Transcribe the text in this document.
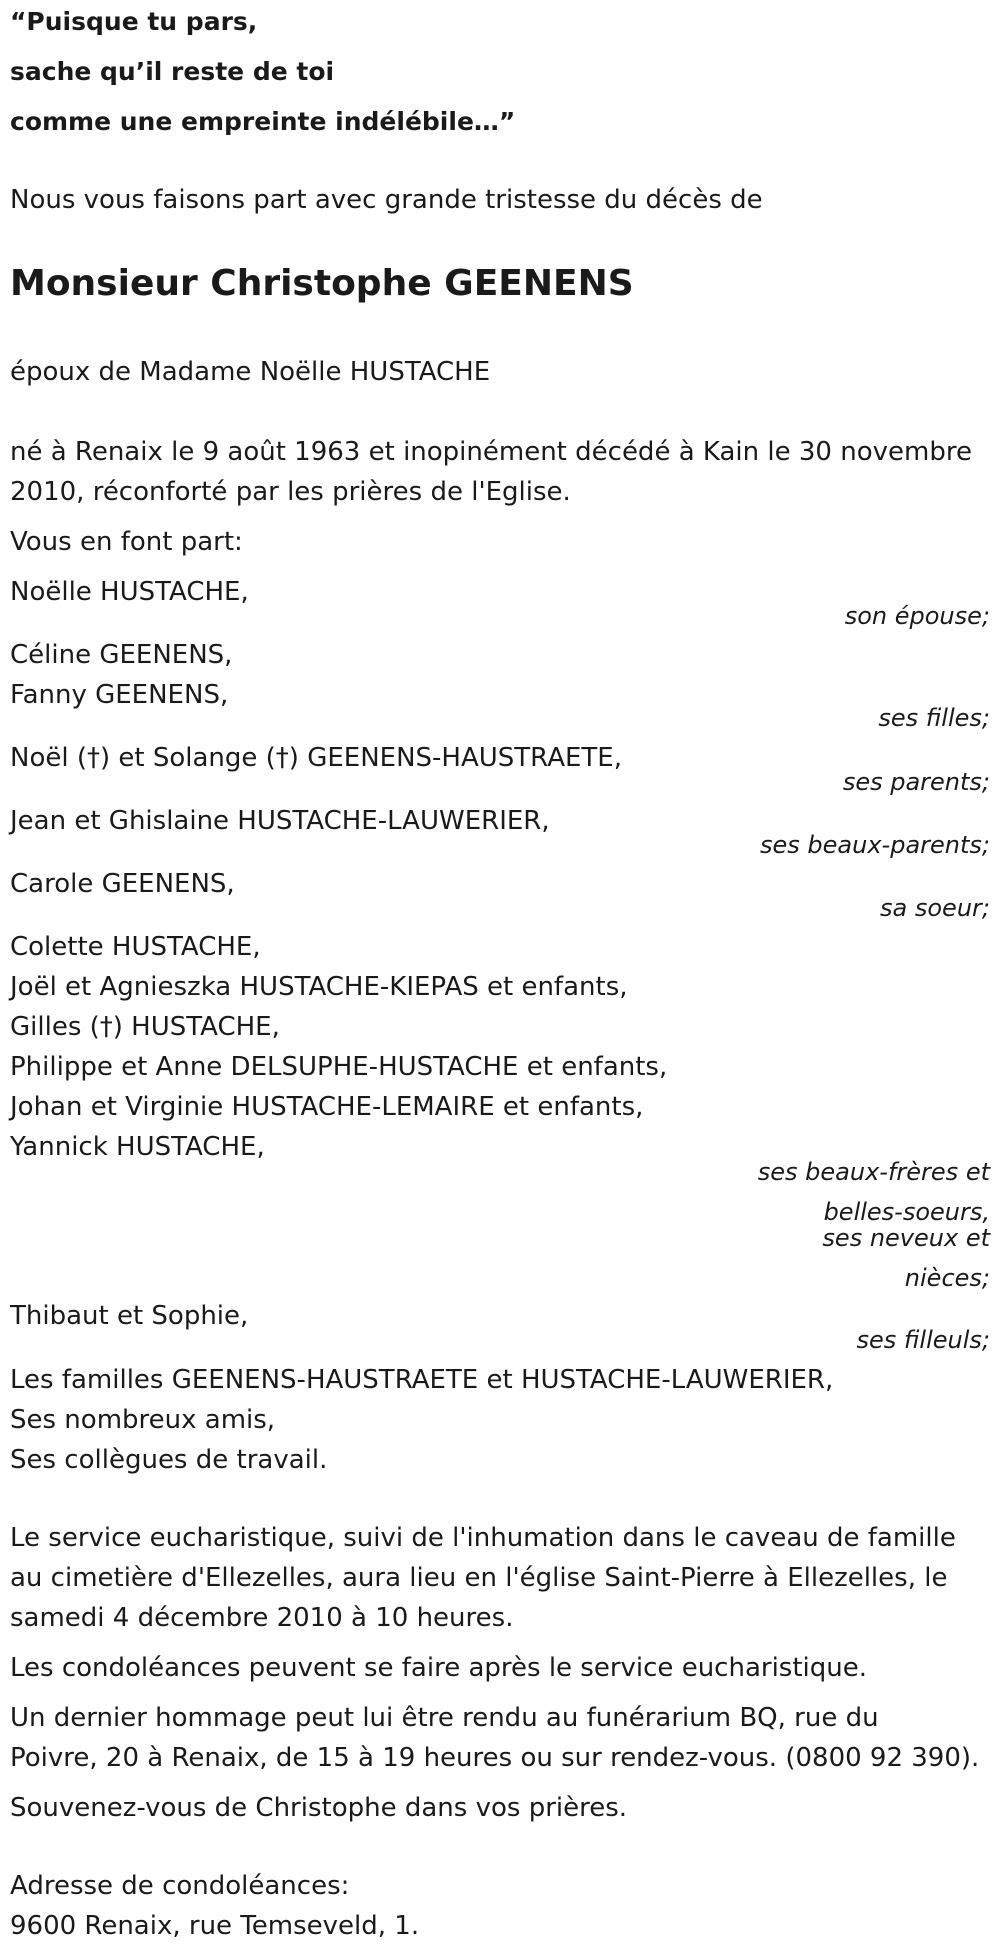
“Puisque tu pars,

sache qu’il reste de toi

comme une empreinte indélébile…”

Nous vous faisons part avec grande tristesse du décès de

Monsieur Christophe GEENENS

époux de Madame Noëlle HUSTACHE

né à Renaix le 9 août 1963 et inopinément décédé à Kain le 30 novembre

2010, réconforté par les prières de l'Eglise.

Vous en font part:

Noëlle HUSTACHE,

son épouse;

Céline GEENENS,

Fanny GEENENS,

ses filles;

Noël (†) et Solange (†) GEENENS-HAUSTRAETE,

ses parents;

Jean et Ghislaine HUSTACHE-LAUWERIER,

ses beaux-parents;

Carole GEENENS,

sa soeur;

Colette HUSTACHE,

Joël et Agnieszka HUSTACHE-KIEPAS et enfants,

Gilles (†) HUSTACHE,

Philippe et Anne DELSUPHE-HUSTACHE et enfants,

Johan et Virginie HUSTACHE-LEMAIRE et enfants,

Yannick HUSTACHE,

ses beaux-frères et

belles-soeurs,

ses neveux et

nièces;

Thibaut et Sophie,

ses filleuls;

Les familles GEENENS-HAUSTRAETE et HUSTACHE-LAUWERIER,

Ses nombreux amis,

Ses collègues de travail.

Le service eucharistique, suivi de l'inhumation dans le caveau de famille

au cimetière d'Ellezelles, aura lieu en l'église Saint-Pierre à Ellezelles, le

samedi 4 décembre 2010 à 10 heures.

Les condoléances peuvent se faire après le service eucharistique.

Un dernier hommage peut lui être rendu au funérarium BQ, rue du

Poivre, 20 à Renaix, de 15 à 19 heures ou sur rendez-vous. (0800 92 390).

Souvenez-vous de Christophe dans vos prières.

Adresse de condoléances:

9600 Renaix, rue Temseveld, 1.
